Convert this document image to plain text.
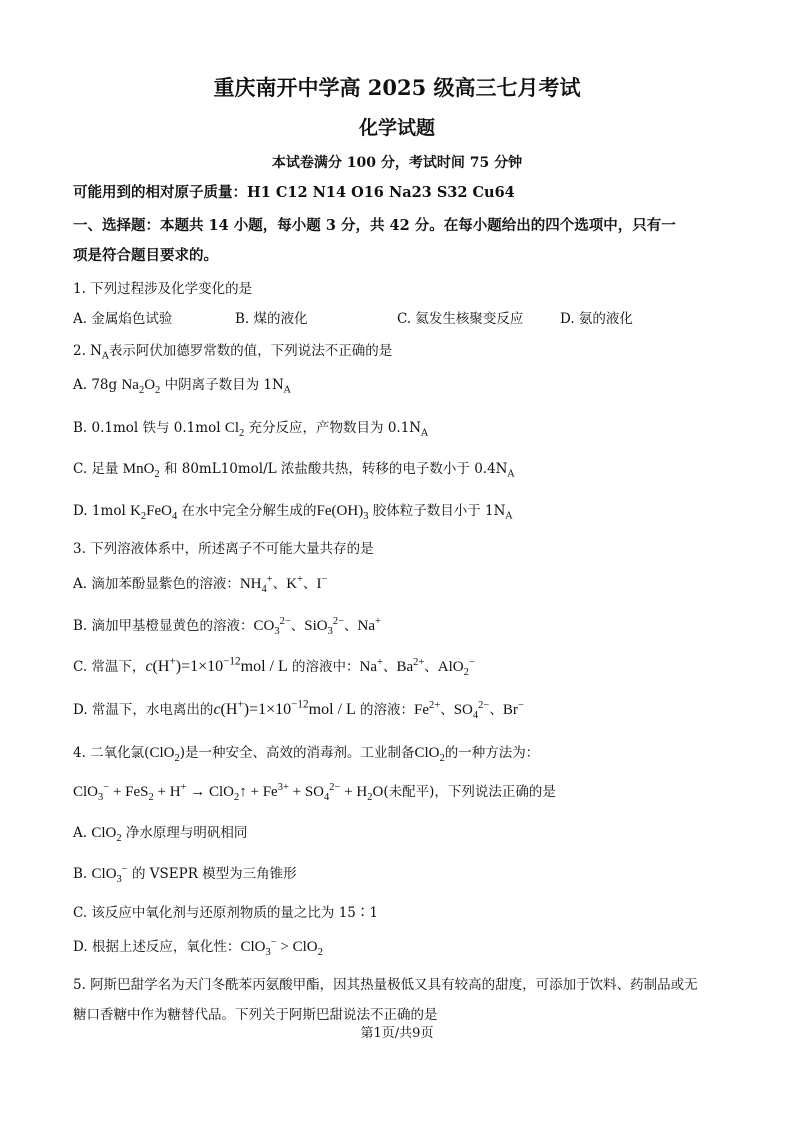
重庆南开中学高 2025 级高三七月考试
化学试题
本试卷满分 100 分，考试时间 75 分钟
可能用到的相对原子质量：H1 C12 N14 O16 Na23 S32 Cu64
一、选择题：本题共 14 小题，每小题 3 分，共 42 分。在每小题给出的四个选项中，只有一
项是符合题目要求的。
1. 下列过程涉及化学变化的是
A. 金属焰色试验	B. 煤的液化	C. 氦发生核聚变反应	D. 氨的液化
2. $N_A$表示阿伏加德罗常数的值，下列说法不正确的是
A. 78g $Na_2O_2$ 中阴离子数目为 $1N_A$
B. 0.1mol 铁与 0.1mol $Cl_2$ 充分反应，产物数目为 $0.1N_A$
C. 足量 MnO$_2$ 和 80mL10mol/L 浓盐酸共热，转移的电子数小于 $0.4N_A$
D. 1mol $K_2FeO_4$ 在水中完全分解生成的$Fe(OH)_3$ 胶体粒子数目小于 $1N_A$
3. 下列溶液体系中，所述离子不可能大量共存的是
A. 滴加苯酚显紫色的溶液：$NH_4^+$、K+、I−
B. 滴加甲基橙显黄色的溶液：$CO_3^{2-}$、SiO$_3^{2-}$、Na+
C. 常温下，$c(H^+)=1\times 10^{-12}mol / L$ 的溶液中：Na+、$Ba^{2+}$、AlO$_2$−
D. 常温下，水电离出的$c(H^+)=1\times 10^{-12}mol / L$ 的溶液：$Fe^{2+}$、$SO_4^{2-}$、Br−
4. 二氧化氯(ClO$_2$)是一种安全、高效的消毒剂。工业制备ClO$_2$的一种方法为：
ClO$_3$− + FeS$_2$ + H+ → ClO$_2$↑ + $Fe^{3+} + SO_4^{2-} + H_2O$(未配平)，下列说法正确的是
A. ClO$_2$ 净水原理与明矾相同
B. ClO$_3$− 的 VSEPR 模型为三角锥形
C. 该反应中氧化剂与还原剂物质的量之比为 15∶1
D. 根据上述反应，氧化性：ClO$_3$− > ClO$_2$
5. 阿斯巴甜学名为天门冬酰苯丙氨酸甲酯，因其热量极低又具有较高的甜度，可添加于饮料、药制品或无
糖口香糖中作为糖替代品。下列关于阿斯巴甜说法不正确的是
第1页/共9页
